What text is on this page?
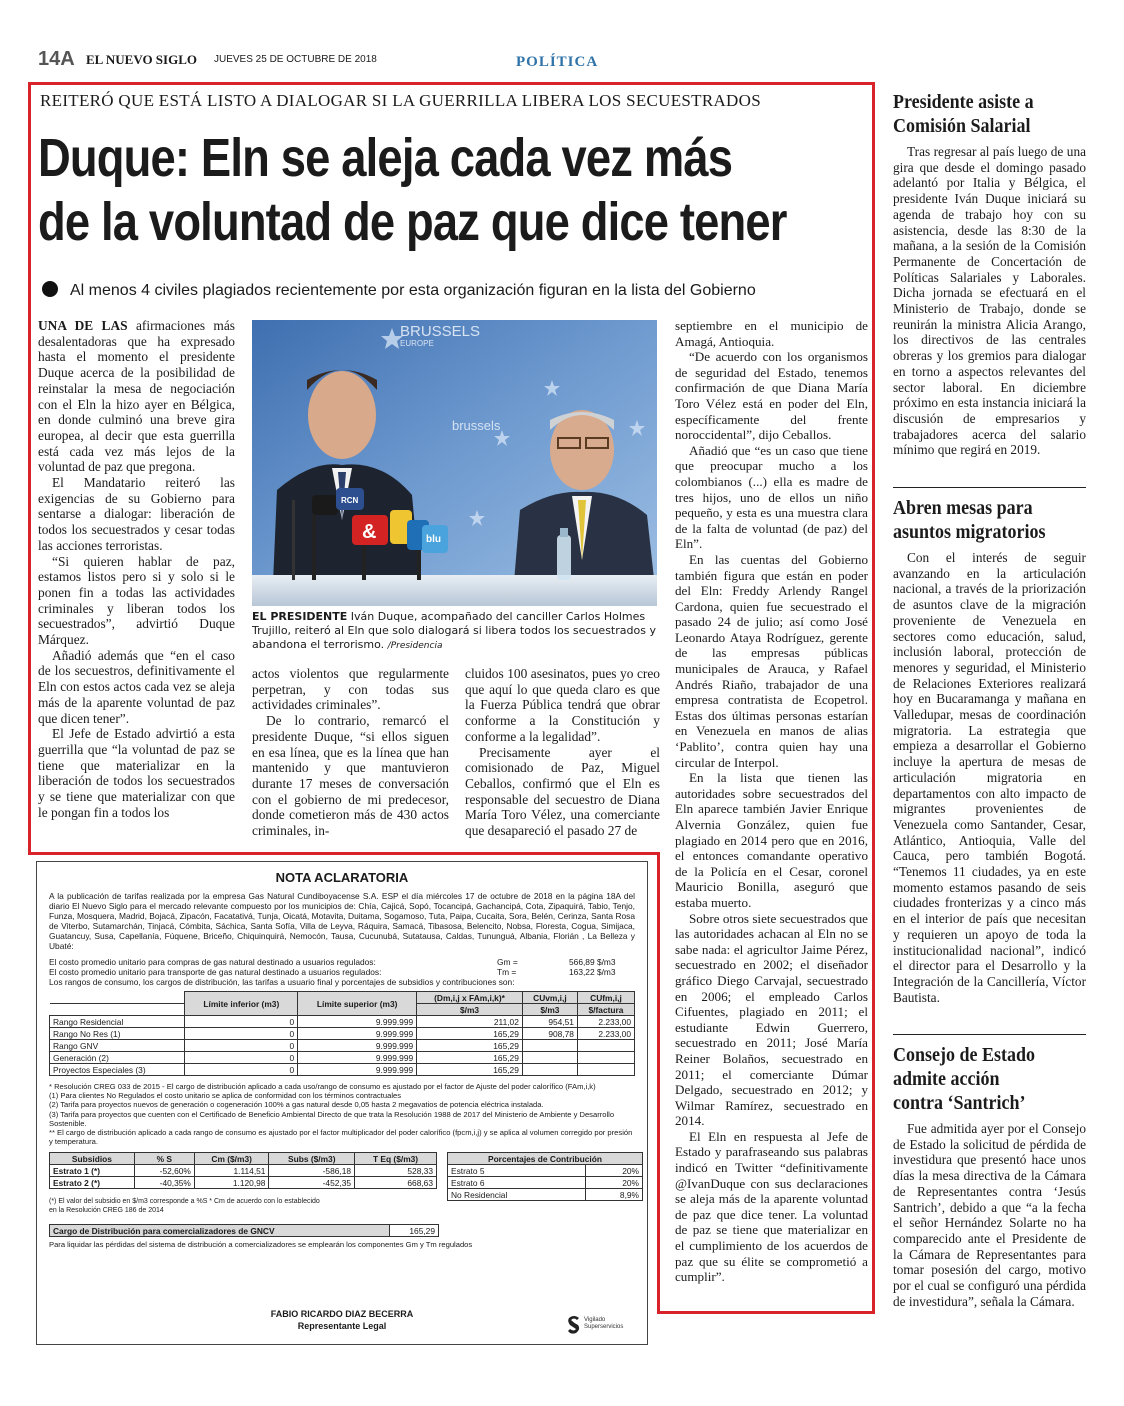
14A EL NUEVO SIGLO JUEVES 25 DE OCTUBRE DE 2018	POLÍTICA
REITERÓ QUE ESTÁ LISTO A DIALOGAR SI LA GUERRILLA LIBERA LOS SECUESTRADOS
Duque: Eln se aleja cada vez más
de la voluntad de paz que dice tener
Al menos 4 civiles plagiados recientemente por esta organización figuran en la lista del Gobierno

UNA DE LAS afirmaciones más desalentadoras que ha expresado hasta el momento el presidente Duque acerca de la posibilidad de reinstalar la mesa de negociación con el Eln la hizo ayer en Bélgica, en donde culminó una breve gira europea, al decir que esta guerrilla está cada vez más lejos de la voluntad de paz que pregona.

El Mandatario reiteró las exigencias de su Gobierno para sentarse a dialogar: liberación de todos los secuestrados y cesar todas las acciones terroristas.

“Si quieren hablar de paz, estamos listos pero si y solo si le ponen fin a todas las actividades criminales y liberan todos los secuestrados”, advirtió Duque Márquez.

Añadió además que “en el caso de los secuestros, definitivamente el Eln con estos actos cada vez se aleja más de la aparente voluntad de paz que dicen tener”.

El Jefe de Estado advirtió a esta guerrilla que “la voluntad de paz se tiene que materializar en la liberación de todos los secuestrados y se tiene que materializar con que le pongan fin a todos los

BRUSSELS
EUROPE
brussels
RCN
&	blu
EL PRESIDENTE Iván Duque, acompañado del canciller Carlos Holmes Trujillo, reiteró al Eln que solo dialogará si libera todos los secuestrados y abandona el terrorismo. /Presidencia

actos violentos que regularmente perpetran, y con todas sus actividades criminales”.

De lo contrario, remarcó el presidente Duque, “si ellos siguen en esa línea, que es la línea que han mantenido y que mantuvieron durante 17 meses de conversación con el gobierno de mi predecesor, donde cometieron más de 430 actos criminales, in-

cluidos 100 asesinatos, pues yo creo que aquí lo que queda claro es que la Fuerza Pública tendrá que obrar conforme a la Constitución y conforme a la legalidad”.

Precisamente ayer el comisionado de Paz, Miguel Ceballos, confirmó que el Eln es responsable del secuestro de Diana María Toro Vélez, una comerciante que desapareció el pasado 27 de

septiembre en el municipio de Amagá, Antioquia.

“De acuerdo con los organismos de seguridad del Estado, tenemos confirmación de que Diana María Toro Vélez está en poder del Eln, específicamente del frente noroccidental”, dijo Ceballos.

Añadió que “es un caso que tiene que preocupar mucho a los colombianos (...) ella es madre de tres hijos, uno de ellos un niño pequeño, y esta es una muestra clara de la falta de voluntad (de paz) del Eln”.

En las cuentas del Gobierno también figura que están en poder del Eln: Freddy Arlendy Rangel Cardona, quien fue secuestrado el pasado 24 de julio; así como José Leonardo Ataya Rodríguez, gerente de las empresas públicas municipales de Arauca, y Rafael Andrés Riaño, trabajador de una empresa contratista de Ecopetrol. Estas dos últimas personas estarían en Venezuela en manos de alias ‘Pablito’, contra quien hay una circular de Interpol.

En la lista que tienen las autoridades sobre secuestrados del Eln aparece también Javier Enrique Alvernia González, quien fue plagiado en 2014 pero que en 2016, el entonces comandante operativo de la Policía en el Cesar, coronel Mauricio Bonilla, aseguró que estaba muerto.

Sobre otros siete secuestrados que las autoridades achacan al Eln no se sabe nada: el agricultor Jaime Pérez, secuestrado en 2002; el diseñador gráfico Diego Carvajal, secuestrado en 2006; el empleado Carlos Cifuentes, plagiado en 2011; el estudiante Edwin Guerrero, secuestrado en 2011; José María Reiner Bolaños, secuestrado en 2011; el comerciante Dúmar Delgado, secuestrado en 2012; y Wilmar Ramírez, secuestrado en 2014.

El Eln en respuesta al Jefe de Estado y parafraseando sus palabras indicó en Twitter “definitivamente @IvanDuque con sus declaraciones se aleja más de la aparente voluntad de paz que dice tener. La voluntad de paz se tiene que materializar en el cumplimiento de los acuerdos de paz que su élite se comprometió a cumplir”.

Presidente asiste a
Comisión Salarial

Tras regresar al país luego de una gira que desde el domingo pasado adelantó por Italia y Bélgica, el presidente Iván Duque iniciará su agenda de trabajo hoy con su asistencia, desde las 8:30 de la mañana, a la sesión de la Comisión Permanente de Concertación de Políticas Salariales y Laborales. Dicha jornada se efectuará en el Ministerio de Trabajo, donde se reunirán la ministra Alicia Arango, los directivos de las centrales obreras y los gremios para dialogar en torno a aspectos relevantes del sector laboral. En diciembre próximo en esta instancia iniciará la discusión de empresarios y trabajadores acerca del salario mínimo que regirá en 2019.

Abren mesas para
asuntos migratorios

Con el interés de seguir avanzando en la articulación nacional, a través de la priorización de asuntos clave de la migración proveniente de Venezuela en sectores como educación, salud, inclusión laboral, protección de menores y seguridad, el Ministerio de Relaciones Exteriores realizará hoy en Bucaramanga y mañana en Valledupar, mesas de coordinación migratoria. La estrategia que empieza a desarrollar el Gobierno incluye la apertura de mesas de articulación migratoria en departamentos con alto impacto de migrantes provenientes de Venezuela como Santander, Cesar, Atlántico, Antioquia, Valle del Cauca, pero también Bogotá. “Tenemos 11 ciudades, ya en este momento estamos pasando de seis ciudades fronterizas y a cinco más en el interior de país que necesitan y requieren un apoyo de toda la institucionalidad nacional”, indicó el director para el Desarrollo y la Integración de la Cancillería, Víctor Bautista.

Consejo de Estado
admite acción
contra ‘Santrich’

Fue admitida ayer por el Consejo de Estado la solicitud de pérdida de investidura que presentó hace unos días la mesa directiva de la Cámara de Representantes contra ‘Jesús Santrich’, debido a que “a la fecha el señor Hernández Solarte no ha comparecido ante el Presidente de la Cámara de Representantes para tomar posesión del cargo, motivo por el cual se configuró una pérdida de investidura”, señala la Cámara.

NOTA ACLARATORIA
A la publicación de tarifas realizada por la empresa Gas Natural Cundiboyacense S.A. ESP el día miércoles 17 de octubre de 2018 en la página 18A del diario El Nuevo Siglo para el mercado relevante compuesto por los municipios de: Chía, Cajicá, Sopó, Tocancipá, Gachancipá, Cota, Zipaquirá, Tabio, Tenjo, Funza, Mosquera, Madrid, Bojacá, Zipacón, Facatativá, Tunja, Oicatá, Motavita, Duitama, Sogamoso, Tuta, Paipa, Cucaita, Sora, Belén, Cerinza, Santa Rosa de Viterbo, Sutamarchán, Tinjacá, Cómbita, Sáchica, Santa Sofía, Villa de Leyva, Ráquira, Samacá, Tibasosa, Belencito, Nobsa, Floresta, Cogua, Simijaca, Guatancuy, Susa, Capellanía, Fúquene, Briceño, Chiquinquirá, Nemocón, Tausa, Cucunubá, Sutatausa, Caldas, Tununguá, Albania, Florián , La Belleza y Ubaté:
El costo promedio unitario para compras de gas natural destinado a usuarios regulados:	Gm =	566,89 $/m3
El costo promedio unitario para transporte de gas natural destinado a usuarios regulados:	Tm =	163,22 $/m3
Los rangos de consumo, los cargos de distribución, las tarifas a usuario final y porcentajes de subsidios y contribuciones son:
	Límite inferior (m3)	Límite superior (m3)	(Dm,i,j x FAm,i,k)*	CUvm,i,j	CUfm,i,j
			$/m3	$/m3	$/factura
Rango Residencial	0	9.999.999	211,02	954,51	2.233,00
Rango No Res (1)	0	9.999.999	165,29	908,78	2.233,00
Rango GNV	0	9.999.999	165,29		
Generación (2)	0	9.999.999	165,29		
Proyectos Especiales (3)	0	9.999.999	165,29		
* Resolución CREG 033 de 2015 - El cargo de distribución aplicado a cada uso/rango de consumo es ajustado por el factor de Ajuste del poder calorífico (FAm,i,k)
(1) Para clientes No Regulados el costo unitario se aplica de conformidad con los términos contractuales
(2) Tarifa para proyectos nuevos de generación o cogeneración 100% a gas natural desde 0,05 hasta 2 megavatios de potencia eléctrica instalada.
(3) Tarifa para proyectos que cuenten con el Certificado de Beneficio Ambiental Directo de que trata la Resolución 1988 de 2017 del Ministerio de Ambiente y Desarrollo Sostenible.
** El cargo de distribución aplicado a cada rango de consumo es ajustado por el factor multiplicador del poder calorífico (fpcm,i,j) y se aplica al volumen corregido por presión y temperatura.
Subsidios	% S	Cm ($/m3)	Subs ($/m3)	T Eq ($/m3)
Estrato 1 (*)	-52,60%	1.114,51	-586,18	528,33
Estrato 2 (*)	-40,35%	1.120,98	-452,35	668,63
(*) El valor del subsidio en $/m3 corresponde a %S * Cm de acuerdo con lo establecido en la Resolución CREG 186 de 2014
Porcentajes de Contribución	
Estrato 5	20%
Estrato 6	20%
No Residencial	8,9%
Cargo de Distribución para comercializadores de GNCV	165,29
Para liquidar las pérdidas del sistema de distribución a comercializadores se emplearán los componentes Gm y Tm regulados
FABIO RICARDO DIAZ BECERRA
Representante Legal
Vigilado
Superservicios
